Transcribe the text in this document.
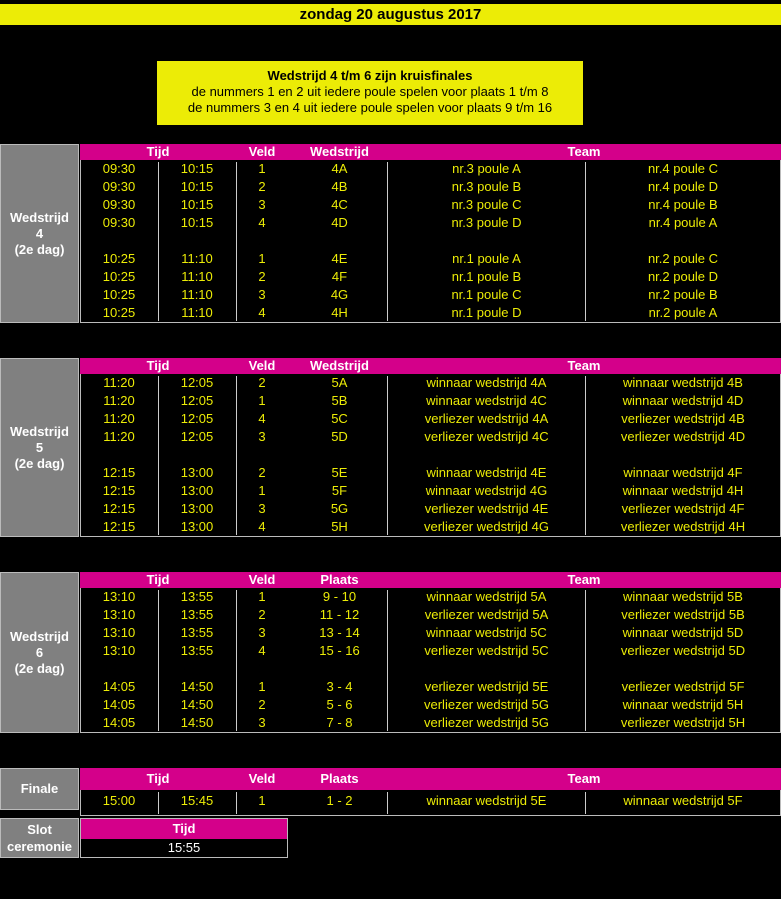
zondag 20 augustus 2017
Wedstrijd 4 t/m 6 zijn kruisfinales
de nummers 1 en 2 uit iedere poule spelen voor plaats 1 t/m 8
de nummers 3 en 4 uit iedere poule spelen voor plaats 9 t/m 16
Wedstrijd
4
(2e dag)
Tijd	Veld	Wedstrijd	Team
09:30	10:15	1	4A	nr.3 poule A	nr.4 poule C
09:30	10:15	2	4B	nr.3 poule B	nr.4 poule D
09:30	10:15	3	4C	nr.3 poule C	nr.4 poule B
09:30	10:15	4	4D	nr.3 poule D	nr.4 poule A
10:25	11:10	1	4E	nr.1 poule A	nr.2 poule C
10:25	11:10	2	4F	nr.1 poule B	nr.2 poule D
10:25	11:10	3	4G	nr.1 poule C	nr.2 poule B
10:25	11:10	4	4H	nr.1 poule D	nr.2 poule A
Wedstrijd
5
(2e dag)
Tijd	Veld	Wedstrijd	Team
11:20	12:05	2	5A	winnaar wedstrijd 4A	winnaar wedstrijd 4B
11:20	12:05	1	5B	winnaar wedstrijd 4C	winnaar wedstrijd 4D
11:20	12:05	4	5C	verliezer wedstrijd 4A	verliezer wedstrijd 4B
11:20	12:05	3	5D	verliezer wedstrijd 4C	verliezer wedstrijd 4D
12:15	13:00	2	5E	winnaar wedstrijd 4E	winnaar wedstrijd 4F
12:15	13:00	1	5F	winnaar wedstrijd 4G	winnaar wedstrijd 4H
12:15	13:00	3	5G	verliezer wedstrijd 4E	verliezer wedstrijd 4F
12:15	13:00	4	5H	verliezer wedstrijd 4G	verliezer wedstrijd 4H
Wedstrijd
6
(2e dag)
Tijd	Veld	Plaats	Team
13:10	13:55	1	9 - 10	winnaar wedstrijd 5A	winnaar wedstrijd 5B
13:10	13:55	2	11 - 12	verliezer wedstrijd 5A	verliezer wedstrijd 5B
13:10	13:55	3	13 - 14	winnaar wedstrijd 5C	winnaar wedstrijd 5D
13:10	13:55	4	15 - 16	verliezer wedstrijd 5C	verliezer wedstrijd 5D
14:05	14:50	1	3 - 4	verliezer wedstrijd 5E	verliezer wedstrijd 5F
14:05	14:50	2	5 - 6	verliezer wedstrijd 5G	winnaar wedstrijd 5H
14:05	14:50	3	7 - 8	verliezer wedstrijd 5G	verliezer wedstrijd 5H
Finale
Tijd	Veld	Plaats	Team
15:00	15:45	1	1 - 2	winnaar wedstrijd 5E	winnaar wedstrijd 5F
Slot
ceremonie
Tijd
15:55
